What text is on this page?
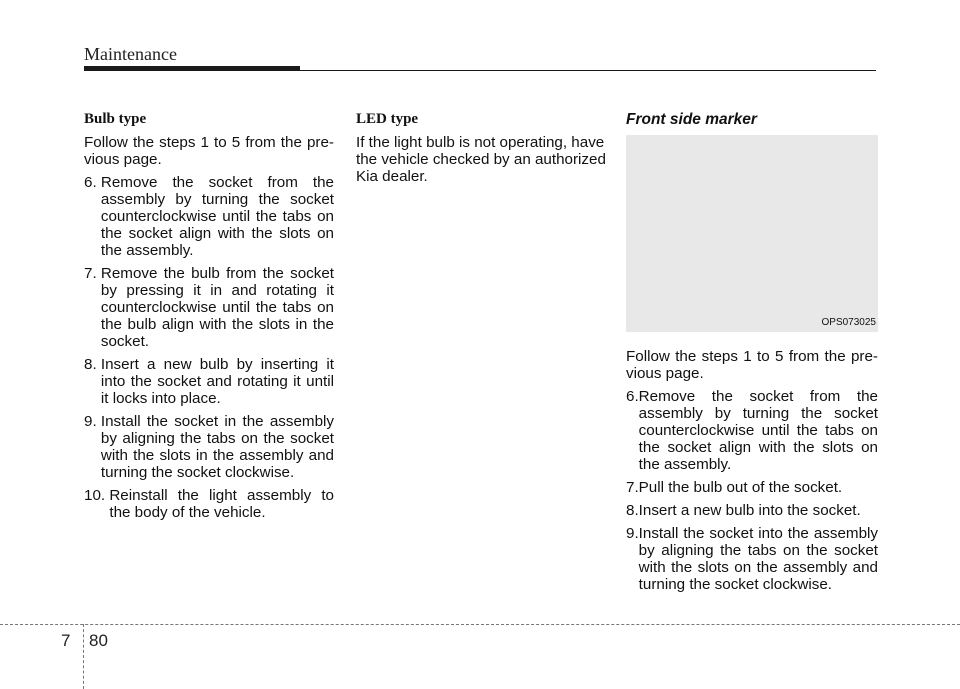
Maintenance
Bulb type

Follow the steps 1 to 5 from the pre-vious page.

6. Remove the socket from the assembly by turning the socket counterclockwise until the tabs on the socket align with the slots on the assembly.
7. Remove the bulb from the socket by pressing it in and rotating it counterclockwise until the tabs on the bulb align with the slots in the socket.
8. Insert a new bulb by inserting it into the socket and rotating it until it locks into place.
9. Install the socket in the assembly by aligning the tabs on the socket with the slots in the assembly and turning the socket clockwise.
10. Reinstall the light assembly to the body of the vehicle.
LED type

If the light bulb is not operating, have the vehicle checked by an authorized Kia dealer.

Front side marker
OPS073025

Follow the steps 1 to 5 from the pre-vious page.

6. Remove the socket from the assembly by turning the socket counterclockwise until the tabs on the socket align with the slots on the assembly.
7. Pull the bulb out of the socket.
8. Insert a new bulb into the socket.
9. Install the socket into the assembly by aligning the tabs on the socket with the slots on the assembly and turning the socket clockwise.
7 80
